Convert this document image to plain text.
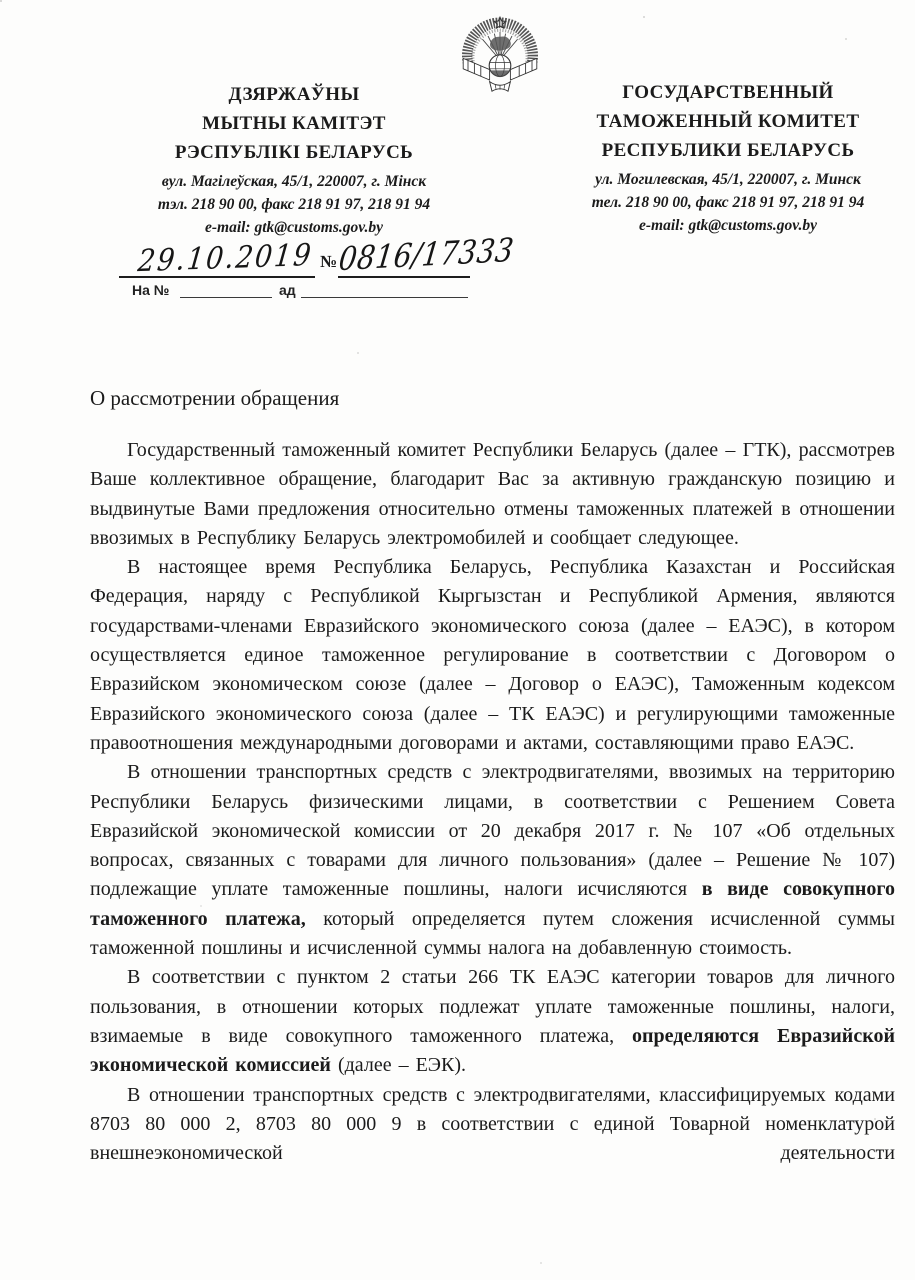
ДЗЯРЖАЎНЫ
МЫТНЫ КАМІТЭТ
РЭСПУБЛІКІ БЕЛАРУСЬ
ГОСУДАРСТВЕННЫЙ
ТАМОЖЕННЫЙ КОМИТЕТ
РЕСПУБЛИКИ БЕЛАРУСЬ
вул. Магілеўская, 45/1, 220007, г. Мінск
тэл. 218 90 00, факс 218 91 97, 218 91 94
e-mail: gtk@customs.gov.by
ул. Могилевская, 45/1, 220007, г. Минск
тел. 218 90 00, факс 218 91 97, 218 91 94
e-mail: gtk@customs.gov.by
29.10.2019 № 0816/17333
На №	ад
О рассмотрении обращения

Государственный таможенный комитет Республики Беларусь (далее – ГТК), рассмотрев Ваше коллективное обращение, благодарит Вас за активную гражданскую позицию и выдвинутые Вами предложения относительно отмены таможенных платежей в отношении ввозимых в Республику Беларусь электромобилей и сообщает следующее.

В настоящее время Республика Беларусь, Республика Казахстан и Российская Федерация, наряду с Республикой Кыргызстан и Республикой Армения, являются государствами-членами Евразийского экономического союза (далее – ЕАЭС), в котором осуществляется единое таможенное регулирование в соответствии с Договором о Евразийском экономическом союзе (далее – Договор о ЕАЭС), Таможенным кодексом Евразийского экономического союза (далее – ТК ЕАЭС) и регулирующими таможенные правоотношения международными договорами и актами, составляющими право ЕАЭС.

В отношении транспортных средств с электродвигателями, ввозимых на территорию Республики Беларусь физическими лицами, в соответствии с Решением Совета Евразийской экономической комиссии от 20 декабря 2017 г. № 107 «Об отдельных вопросах, связанных с товарами для личного пользования» (далее – Решение № 107) подлежащие уплате таможенные пошлины, налоги исчисляются в виде совокупного таможенного платежа, который определяется путем сложения исчисленной суммы таможенной пошлины и исчисленной суммы налога на добавленную стоимость.

В соответствии с пунктом 2 статьи 266 ТК ЕАЭС категории товаров для личного пользования, в отношении которых подлежат уплате таможенные пошлины, налоги, взимаемые в виде совокупного таможенного платежа, определяются Евразийской экономической комиссией (далее – ЕЭК).

В отношении транспортных средств с электродвигателями, классифицируемых кодами 8703 80 000 2, 8703 80 000 9 в соответствии с единой Товарной номенклатурой внешнеэкономической деятельности
